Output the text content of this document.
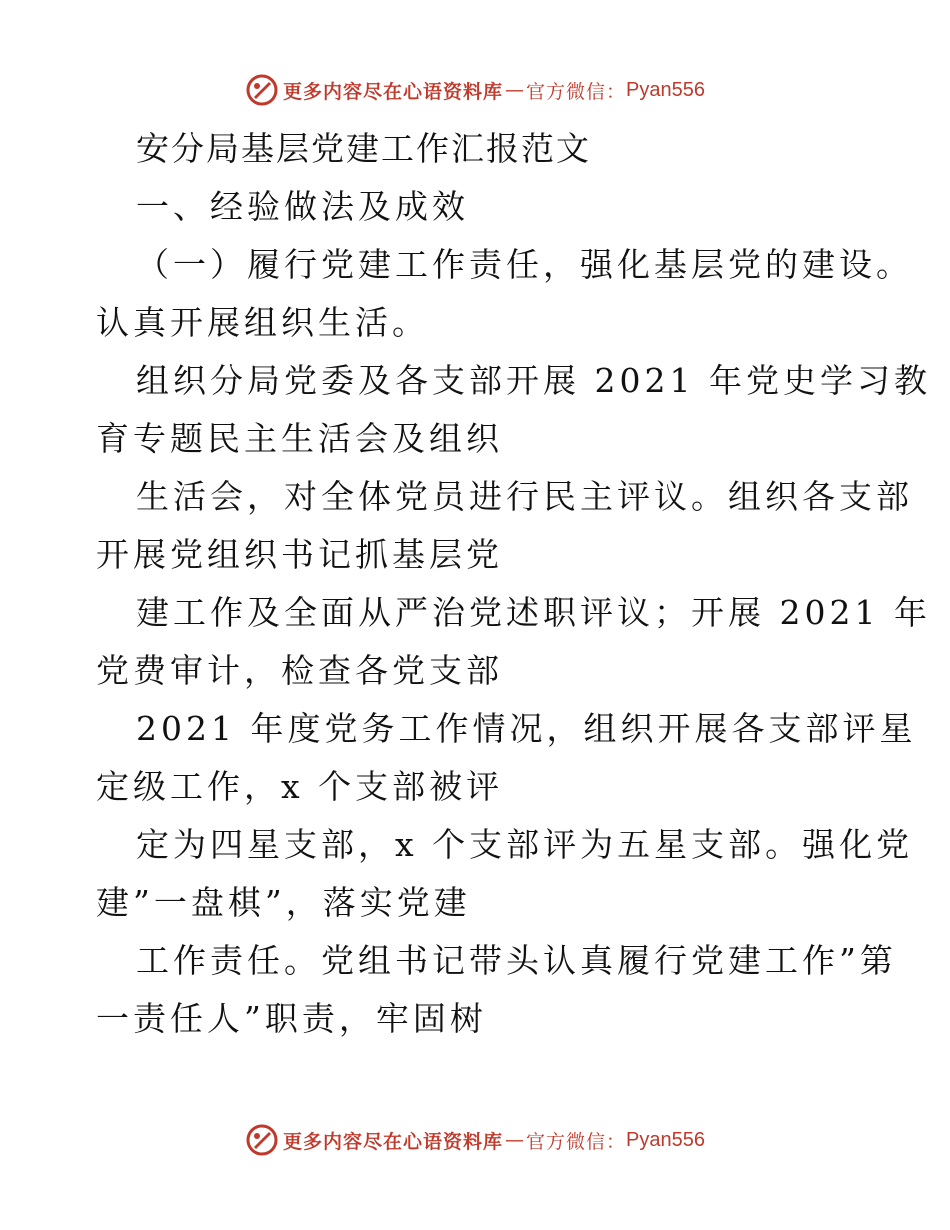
更多内容尽在心语资料库 — 官方微信： Pyan556
安分局基层党建工作汇报范文
一、经验做法及成效
（一）履行党建工作责任，强化基层党的建设。
认真开展组织生活。
组织分局党委及各支部开展 2021 年党史学习教
育专题民主生活会及组织
生活会，对全体党员进行民主评议。组织各支部
开展党组织书记抓基层党
建工作及全面从严治党述职评议；开展 2021 年
党费审计，检查各党支部
2021 年度党务工作情况，组织开展各支部评星
定级工作，x 个支部被评
定为四星支部，x 个支部评为五星支部。强化党
建”一盘棋”，落实党建
工作责任。党组书记带头认真履行党建工作”第
一责任人”职责，牢固树
更多内容尽在心语资料库 — 官方微信： Pyan556
